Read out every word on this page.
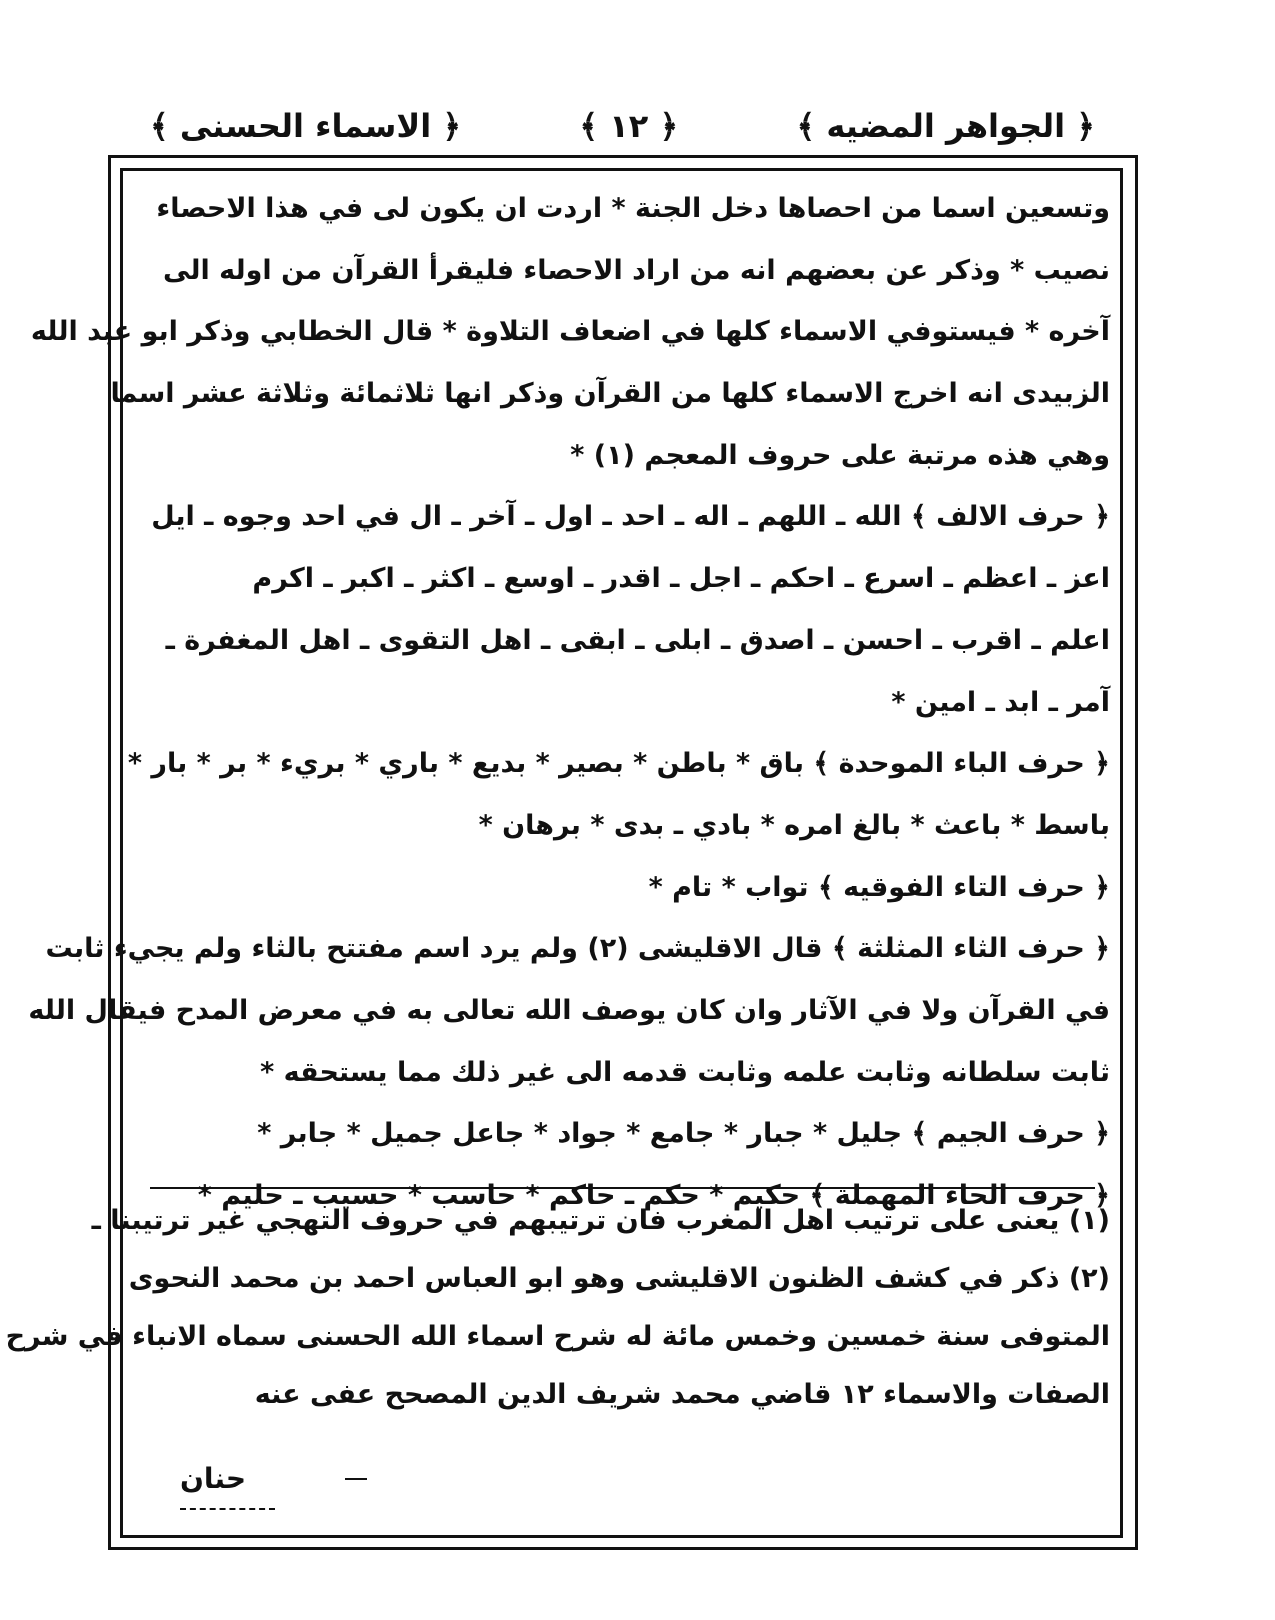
﴿ الجواهر المضيه ﴾
﴿ ١٢ ﴾
﴿ الاسماء الحسنى ﴾
وتسعين اسما من احصاها دخل الجنة * اردت ان يكون لى في هذا الاحصاء
نصيب * وذكر عن بعضهم انه من اراد الاحصاء فليقرأ القرآن من اوله الى
آخره * فيستوفي الاسماء كلها في اضعاف التلاوة * قال الخطابي وذكر ابو عبد الله
الزبيدى انه اخرج الاسماء كلها من القرآن وذكر انها ثلاثمائة وثلاثة عشر اسما
وهي هذه مرتبة على حروف المعجم (١) *
﴿ حرف الالف ﴾ الله ـ اللهم ـ اله ـ احد ـ اول ـ آخر ـ ال في احد وجوه ـ ايل
اعز ـ اعظم ـ اسرع ـ احكم ـ اجل ـ اقدر ـ اوسع ـ اكثر ـ اكبر ـ اكرم
اعلم ـ اقرب ـ احسن ـ اصدق ـ ابلى ـ ابقى ـ اهل التقوى ـ اهل المغفرة ـ
آمر ـ ابد ـ امين *
﴿ حرف الباء الموحدة ﴾ باق * باطن * بصير * بديع * باري * بريء * بر * بار *
باسط * باعث * بالغ امره * بادي ـ بدى * برهان *
﴿ حرف التاء الفوقيه ﴾ تواب * تام *
﴿ حرف الثاء المثلثة ﴾ قال الاقليشى (٢) ولم يرد اسم مفتتح بالثاء ولم يجيء ثابت
في القرآن ولا في الآثار وان كان يوصف الله تعالى به في معرض المدح فيقال الله
ثابت سلطانه وثابت علمه وثابت قدمه الى غير ذلك مما يستحقه *
﴿ حرف الجيم ﴾ جليل * جبار * جامع * جواد * جاعل جميل * جابر *
﴿ حرف الحاء المهملة ﴾ حكيم * حكم ـ حاكم * حاسب * حسيب ـ حليم *
(١) يعنى على ترتيب اهل المغرب فان ترتيبهم في حروف التهجي غير ترتيبنا ـ
(٢) ذكر في كشف الظنون الاقليشى وهو ابو العباس احمد بن محمد النحوى
المتوفى سنة خمسين وخمس مائة له شرح اسماء الله الحسنى سماه الانباء في شرح
الصفات والاسماء ١٢ قاضي محمد شريف الدين المصحح عفى عنه
حنان
